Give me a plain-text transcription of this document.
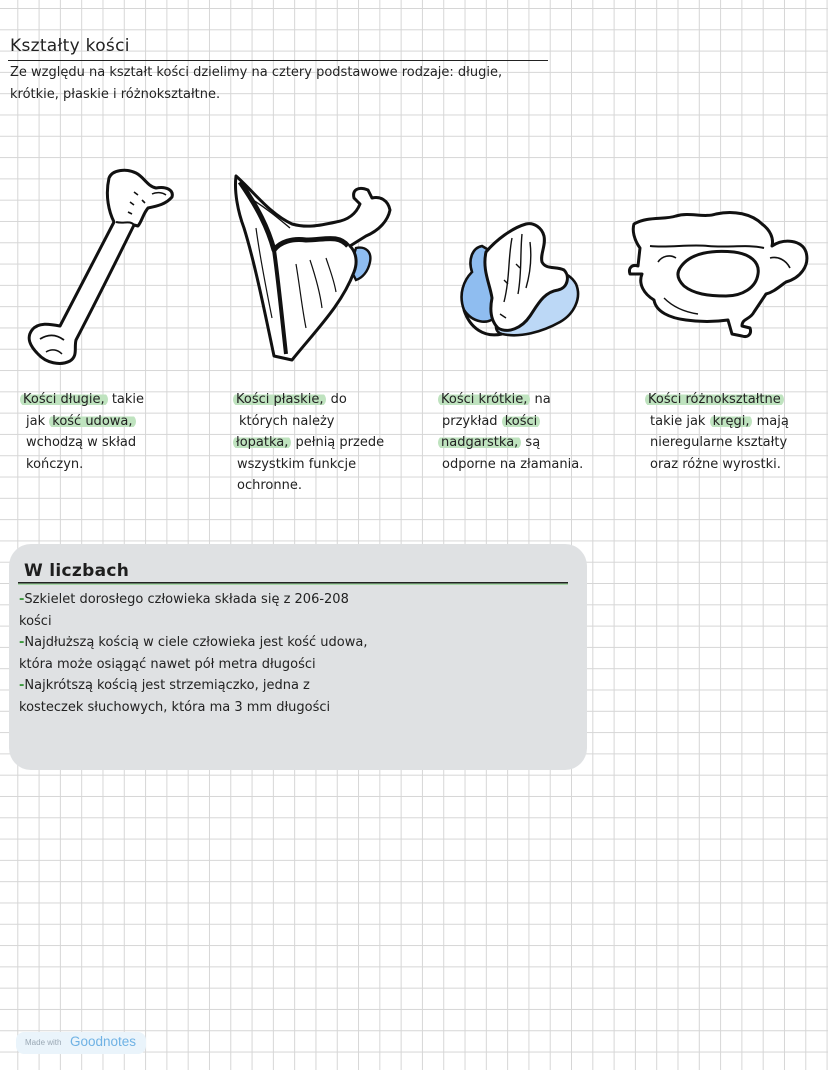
Kształty kości

Ze względu na kształt kości dzielimy na cztery podstawowe rodzaje: długie,
krótkie, płaskie i różnokształtne.

Kości długie, takie
jak kość udowa,
wchodzą w skład
kończyn.

Kości płaskie, do
których należy
łopatka, pełnią przede
wszystkim funkcje
ochronne.

Kości krótkie, na
przykład kości
nadgarstka, są
odporne na złamania.

Kości różnokształtne
takie jak kręgi, mają
nieregularne kształty
oraz różne wyrostki.

W liczbach
-Szkielet dorosłego człowieka składa się z 206-208
kości
-Najdłuższą kością w ciele człowieka jest kość udowa,
która może osiągąć nawet pół metra długości
-Najkrótszą kością jest strzemiączko, jedna z
kosteczek słuchowych, która ma 3 mm długości
Made with Goodnotes
